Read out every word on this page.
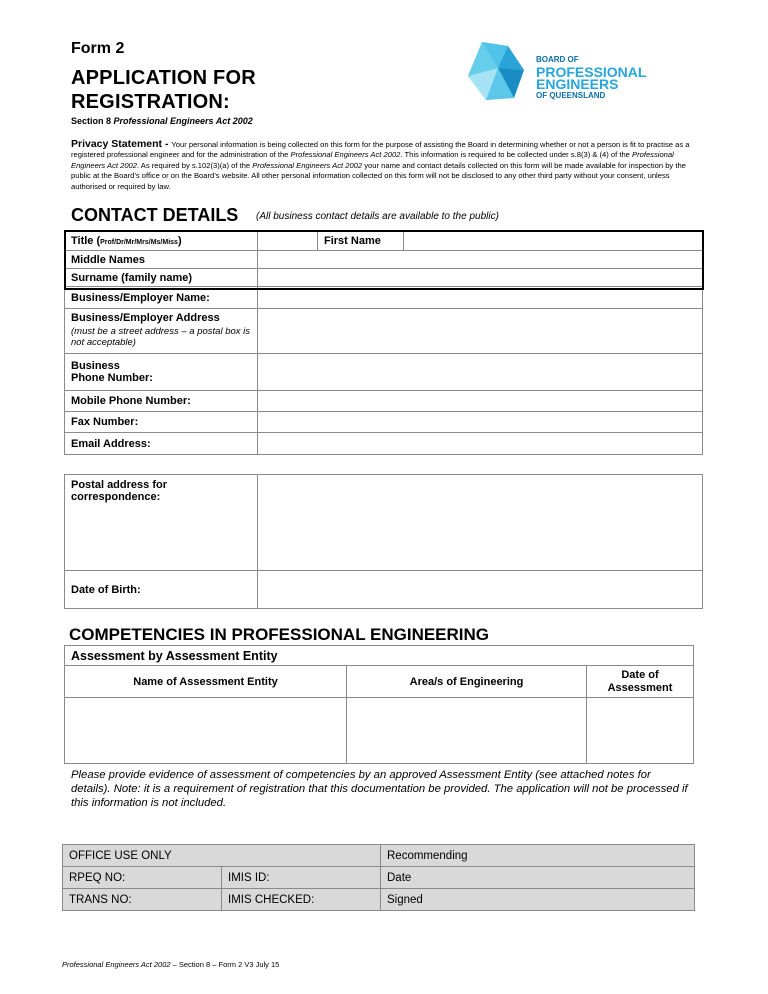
Form 2
APPLICATION FOR
REGISTRATION:
Section 8 Professional Engineers Act 2002
BOARD OF
PROFESSIONAL
ENGINEERS
OF QUEENSLAND
Privacy Statement - Your personal information is being collected on this form for the purpose of assisting the Board in determining whether or not a person is fit to practise as a registered professional engineer and for the administration of the Professional Engineers Act 2002. This information is required to be collected under s.8(3) & (4) of the Professional Engineers Act 2002. As required by s.102(3)(a) of the Professional Engineers Act 2002 your name and contact details collected on this form will be made available for inspection by the public at the Board’s office or on the Board’s website. All other personal information collected on this form will not be disclosed to any other third party without your consent, unless authorised or required by law.
CONTACT DETAILS (All business contact details are available to the public)
Title (Prof/Dr/Mr/Mrs/Ms/Miss)		First Name	
Middle Names			
Surname (family name)			
Business/Employer Name:			
Business/Employer Address
(must be a street address – a postal box is not acceptable)			

Business
Phone Number:			

Mobile Phone Number:			
Fax Number:			
Email Address:			
Postal address for
correspondence:	

Date of Birth:	
COMPETENCIES IN PROFESSIONAL ENGINEERING
Assessment by Assessment Entity		
Name of Assessment Entity	Area/s of Engineering	Date of
Assessment

Please provide evidence of assessment of competencies by an approved Assessment Entity (see attached notes for details). Note: it is a requirement of registration that this documentation be provided. The application will not be processed if this information is not included.
OFFICE USE ONLY		Recommending
RPEQ NO:	IMIS ID:	Date
TRANS NO:	IMIS CHECKED:	Signed
Professional Engineers Act 2002 – Section 8 – Form 2 V3 July 15
